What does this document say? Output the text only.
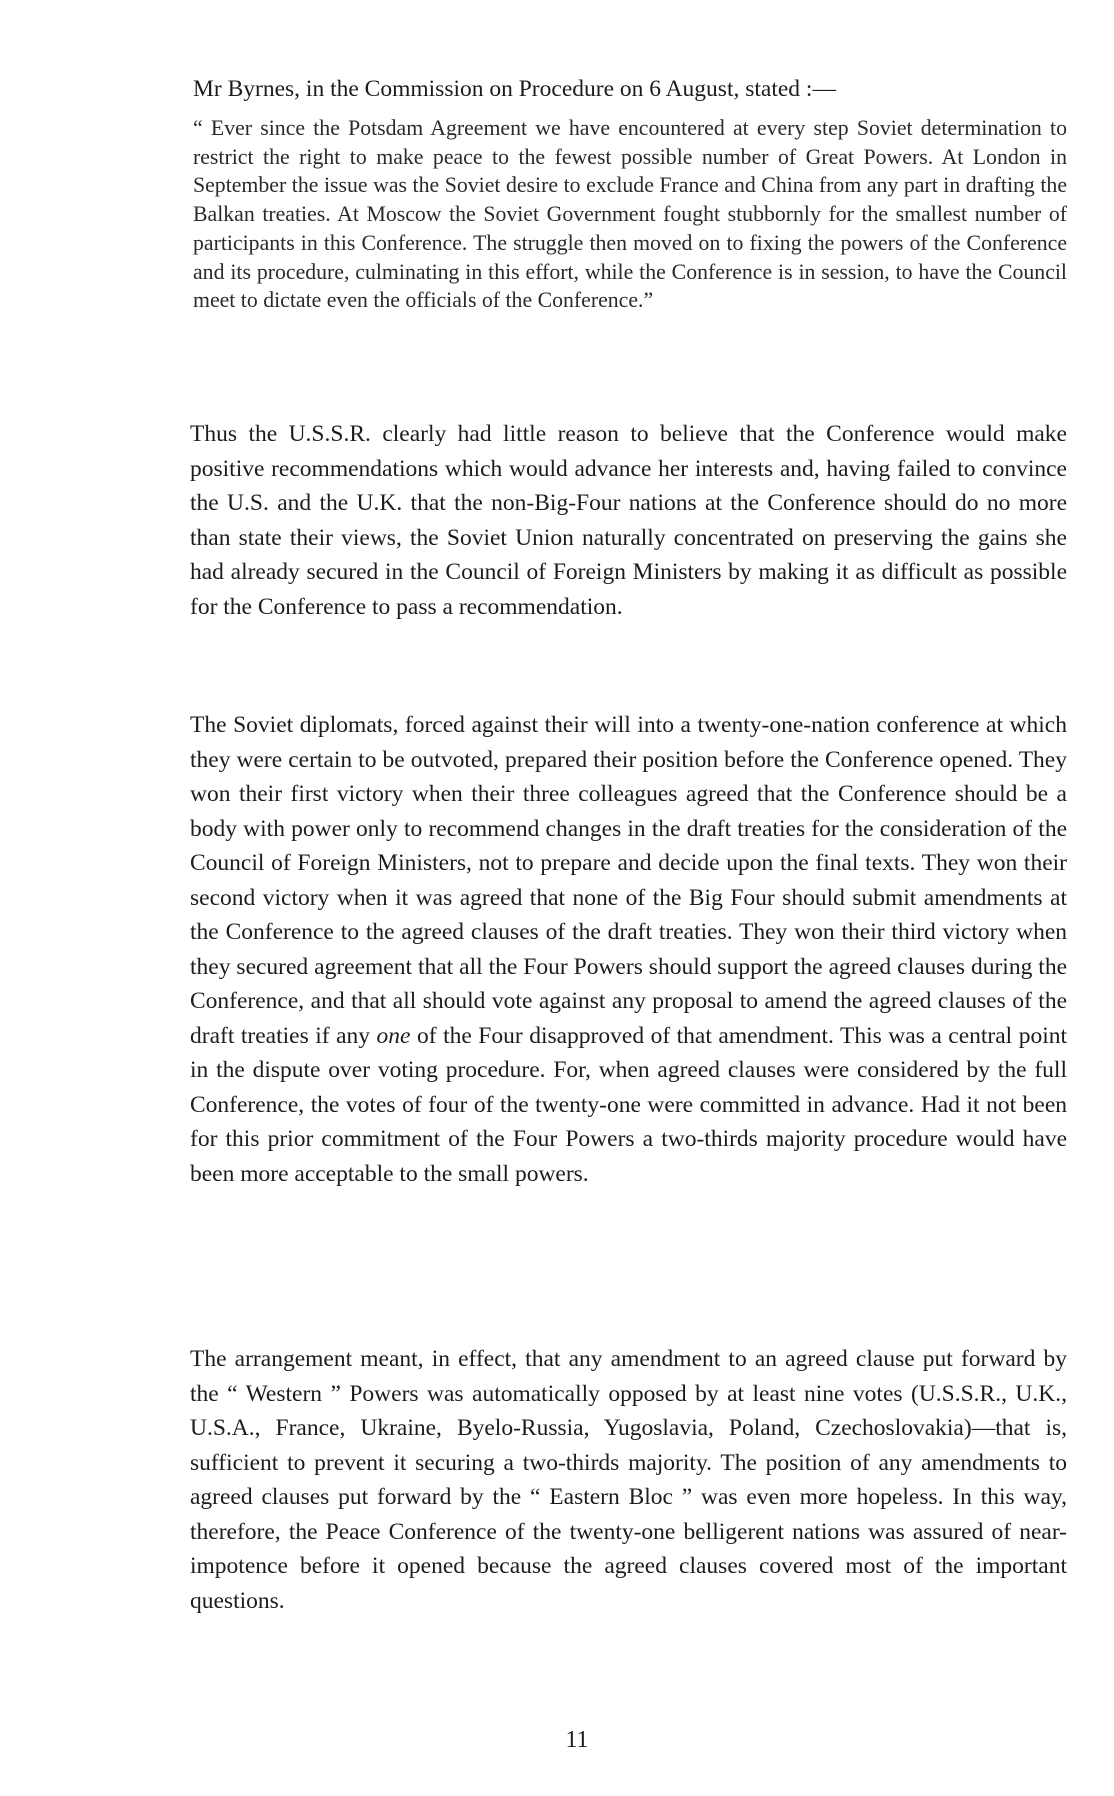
Mr Byrnes, in the Commission on Procedure on 6 August, stated :—

“ Ever since the Potsdam Agreement we have encountered at every step Soviet determination to restrict the right to make peace to the fewest possible number of Great Powers. At London in September the issue was the Soviet desire to exclude France and China from any part in drafting the Balkan treaties. At Moscow the Soviet Government fought stubbornly for the smallest number of participants in this Conference. The struggle then moved on to fixing the powers of the Conference and its procedure, culminating in this effort, while the Conference is in session, to have the Council meet to dictate even the officials of the Conference.”

Thus the U.S.S.R. clearly had little reason to believe that the Conference would make positive recommendations which would advance her interests and, having failed to convince the U.S. and the U.K. that the non-Big-Four nations at the Conference should do no more than state their views, the Soviet Union naturally concentrated on preserving the gains she had already secured in the Council of Foreign Ministers by making it as difficult as possible for the Conference to pass a recommendation.

The Soviet diplomats, forced against their will into a twenty-one-nation conference at which they were certain to be outvoted, prepared their position before the Conference opened. They won their first victory when their three colleagues agreed that the Conference should be a body with power only to recommend changes in the draft treaties for the consideration of the Council of Foreign Ministers, not to prepare and decide upon the final texts. They won their second victory when it was agreed that none of the Big Four should submit amendments at the Conference to the agreed clauses of the draft treaties. They won their third victory when they secured agreement that all the Four Powers should support the agreed clauses during the Conference, and that all should vote against any proposal to amend the agreed clauses of the draft treaties if any one of the Four disapproved of that amendment. This was a central point in the dispute over voting procedure. For, when agreed clauses were considered by the full Conference, the votes of four of the twenty-one were committed in advance. Had it not been for this prior commitment of the Four Powers a two-thirds majority procedure would have been more acceptable to the small powers.

The arrangement meant, in effect, that any amendment to an agreed clause put forward by the “ Western ” Powers was automatically opposed by at least nine votes (U.S.S.R., U.K., U.S.A., France, Ukraine, Byelo-Russia, Yugoslavia, Poland, Czechoslovakia)—that is, sufficient to prevent it securing a two-thirds majority. The position of any amendments to agreed clauses put forward by the “ Eastern Bloc ” was even more hopeless. In this way, therefore, the Peace Conference of the twenty-one belligerent nations was assured of near-impotence before it opened because the agreed clauses covered most of the important questions.

11
